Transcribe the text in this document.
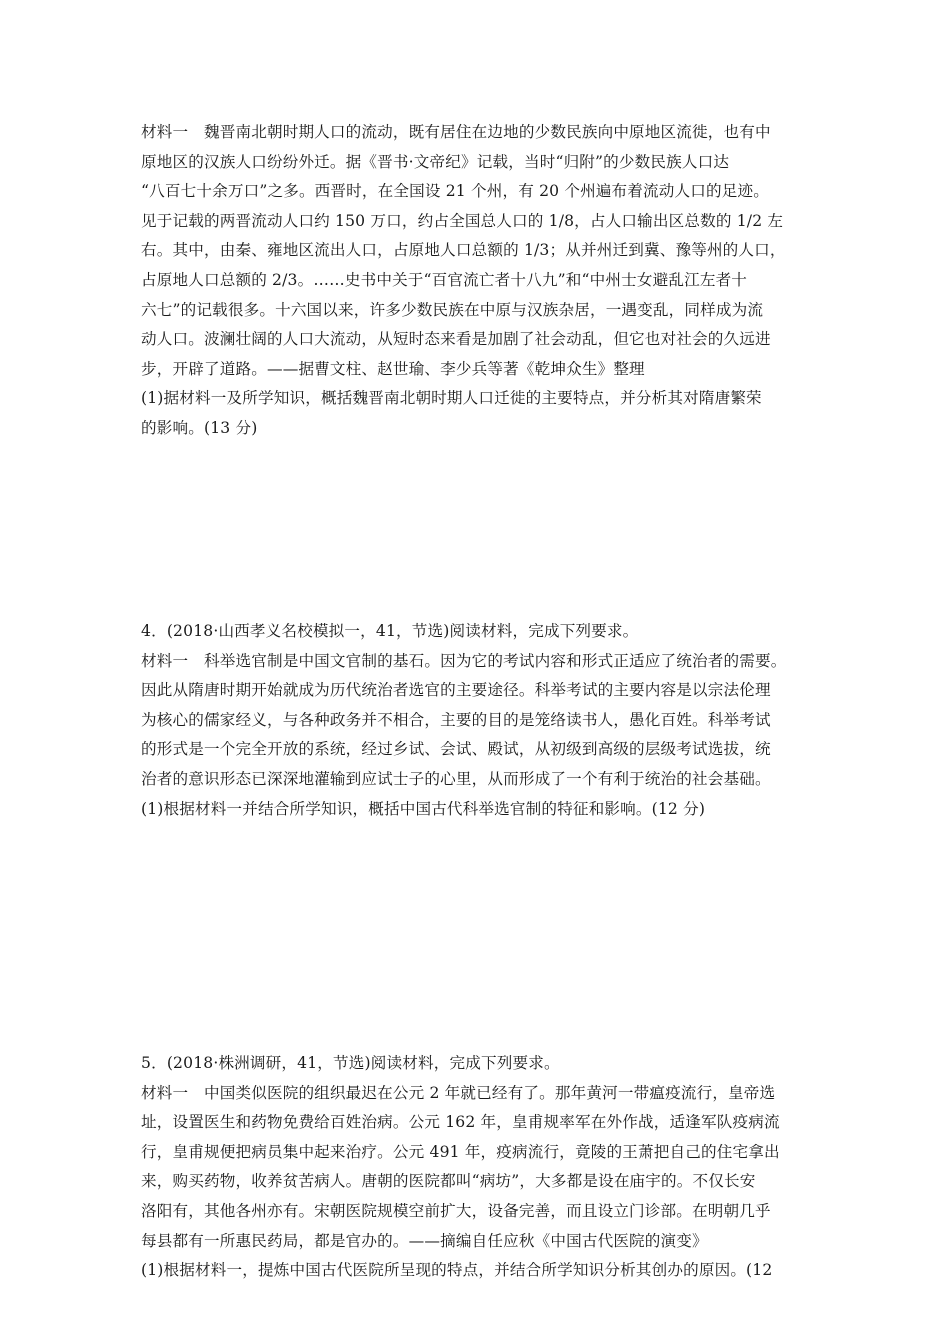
材料一　魏晋南北朝时期人口的流动，既有居住在边地的少数民族向中原地区流徙，也有中
原地区的汉族人口纷纷外迁。据《晋书·文帝纪》记载，当时“归附”的少数民族人口达
“八百七十余万口”之多。西晋时，在全国设 21 个州，有 20 个州遍布着流动人口的足迹。
见于记载的两晋流动人口约 150 万口，约占全国总人口的 1/8，占人口输出区总数的 1/2 左
右。其中，由秦、雍地区流出人口，占原地人口总额的 1/3；从并州迁到冀、豫等州的人口，
占原地人口总额的 2/3。……史书中关于“百官流亡者十八九”和“中州士女避乱江左者十
六七”的记载很多。十六国以来，许多少数民族在中原与汉族杂居，一遇变乱，同样成为流
动人口。波澜壮阔的人口大流动，从短时态来看是加剧了社会动乱，但它也对社会的久远进
步，开辟了道路。——据曹文柱、赵世瑜、李少兵等著《乾坤众生》整理
(1)据材料一及所学知识，概括魏晋南北朝时期人口迁徙的主要特点，并分析其对隋唐繁荣
的影响。(13 分)
4．(2018·山西孝义名校模拟一，41，节选)阅读材料，完成下列要求。
材料一　科举选官制是中国文官制的基石。因为它的考试内容和形式正适应了统治者的需要。
因此从隋唐时期开始就成为历代统治者选官的主要途径。科举考试的主要内容是以宗法伦理
为核心的儒家经义，与各种政务并不相合，主要的目的是笼络读书人，愚化百姓。科举考试
的形式是一个完全开放的系统，经过乡试、会试、殿试，从初级到高级的层级考试选拔，统
治者的意识形态已深深地灌输到应试士子的心里，从而形成了一个有利于统治的社会基础。
(1)根据材料一并结合所学知识，概括中国古代科举选官制的特征和影响。(12 分)
5．(2018·株洲调研，41，节选)阅读材料，完成下列要求。
材料一　中国类似医院的组织最迟在公元 2 年就已经有了。那年黄河一带瘟疫流行，皇帝选
址，设置医生和药物免费给百姓治病。公元 162 年，皇甫规率军在外作战，适逢军队疫病流
行，皇甫规便把病员集中起来治疗。公元 491 年，疫病流行，竟陵的王萧把自己的住宅拿出
来，购买药物，收养贫苦病人。唐朝的医院都叫“病坊”，大多都是设在庙宇的。不仅长安
洛阳有，其他各州亦有。宋朝医院规模空前扩大，设备完善，而且设立门诊部。在明朝几乎
每县都有一所惠民药局，都是官办的。——摘编自任应秋《中国古代医院的演变》
(1)根据材料一，提炼中国古代医院所呈现的特点，并结合所学知识分析其创办的原因。(12
